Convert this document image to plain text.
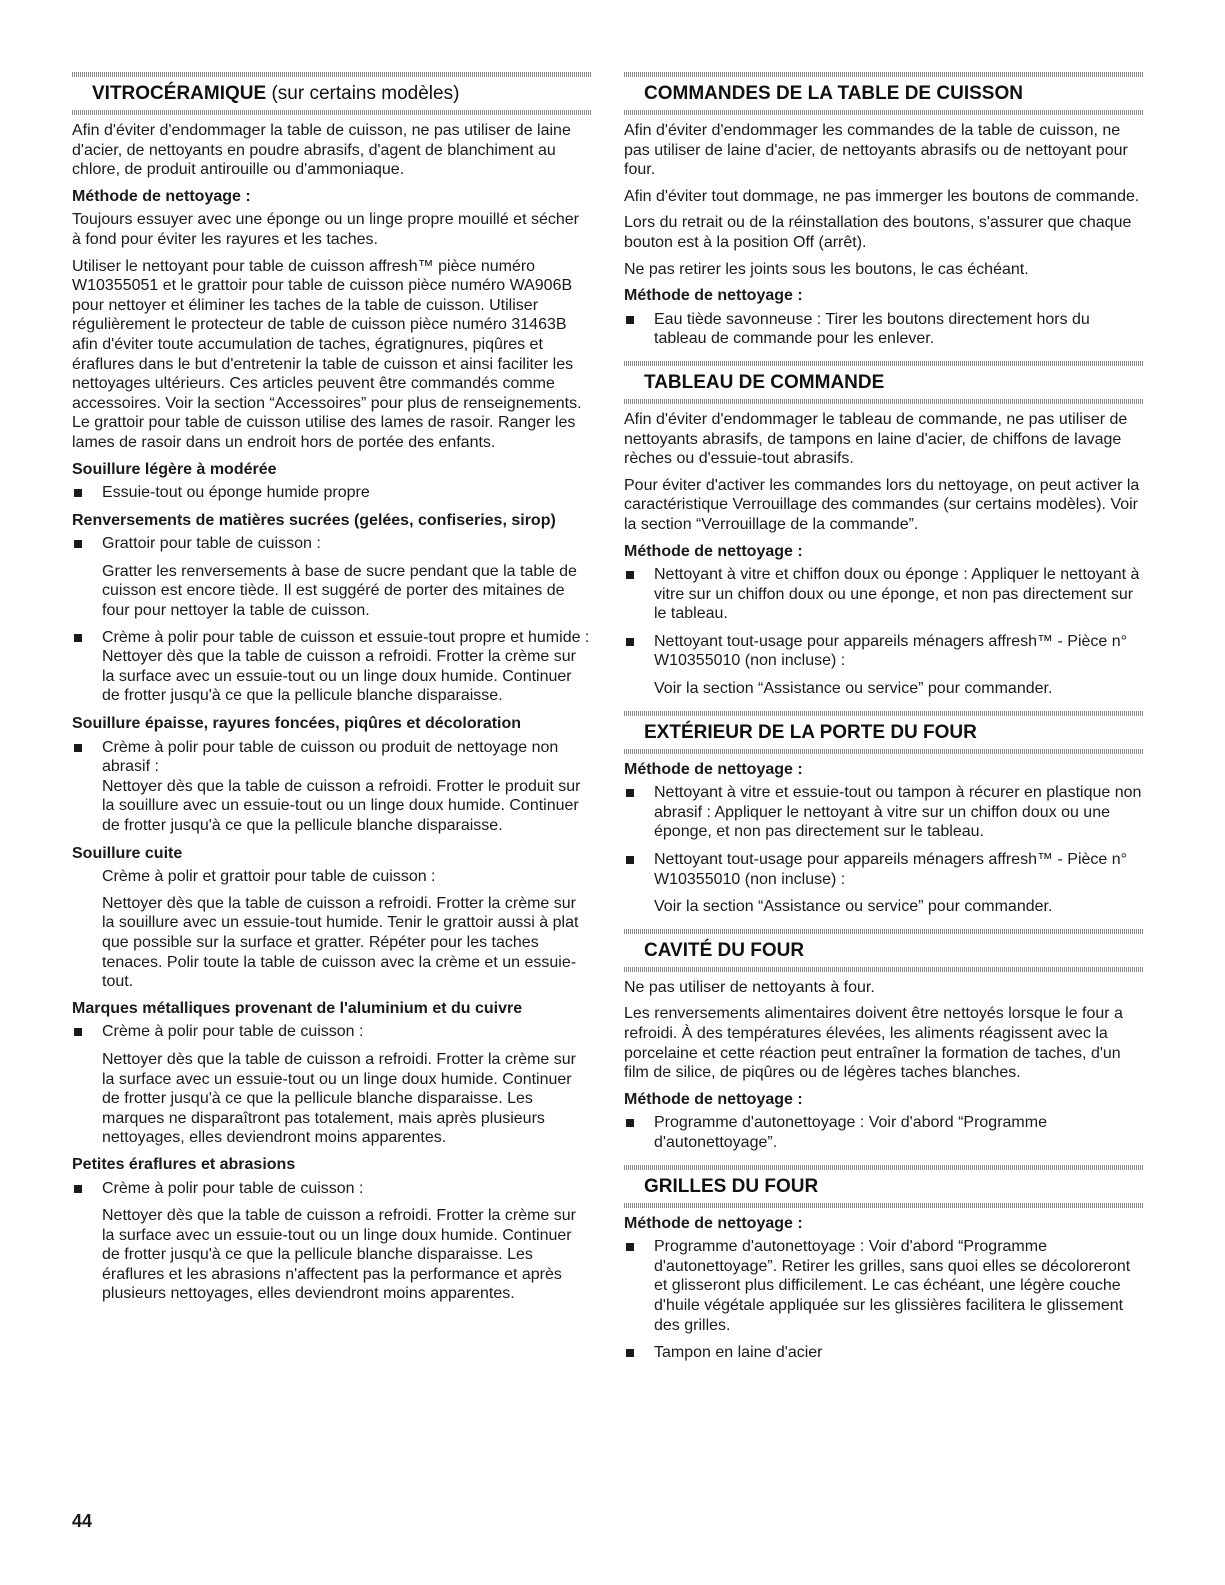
VITROCÉRAMIQUE (sur certains modèles)

Afin d'éviter d'endommager la table de cuisson, ne pas utiliser de laine d'acier, de nettoyants en poudre abrasifs, d'agent de blanchiment au chlore, de produit antirouille ou d'ammoniaque.

Méthode de nettoyage :

Toujours essuyer avec une éponge ou un linge propre mouillé et sécher à fond pour éviter les rayures et les taches.

Utiliser le nettoyant pour table de cuisson affresh™ pièce numéro W10355051 et le grattoir pour table de cuisson pièce numéro WA906B pour nettoyer et éliminer les taches de la table de cuisson. Utiliser régulièrement le protecteur de table de cuisson pièce numéro 31463B afin d'éviter toute accumulation de taches, égratignures, piqûres et éraflures dans le but d'entretenir la table de cuisson et ainsi faciliter les nettoyages ultérieurs. Ces articles peuvent être commandés comme accessoires. Voir la section “Accessoires” pour plus de renseignements. Le grattoir pour table de cuisson utilise des lames de rasoir. Ranger les lames de rasoir dans un endroit hors de portée des enfants.

Souillure légère à modérée
Essuie-tout ou éponge humide propre
Renversements de matières sucrées (gelées, confiseries, sirop)
Grattoir pour table de cuisson :

Gratter les renversements à base de sucre pendant que la table de cuisson est encore tiède. Il est suggéré de porter des mitaines de four pour nettoyer la table de cuisson.

Crème à polir pour table de cuisson et essuie-tout propre et humide : Nettoyer dès que la table de cuisson a refroidi. Frotter la crème sur la surface avec un essuie-tout ou un linge doux humide. Continuer de frotter jusqu'à ce que la pellicule blanche disparaisse.
Souillure épaisse, rayures foncées, piqûres et décoloration
Crème à polir pour table de cuisson ou produit de nettoyage non abrasif :
Nettoyer dès que la table de cuisson a refroidi. Frotter le produit sur la souillure avec un essuie-tout ou un linge doux humide. Continuer de frotter jusqu'à ce que la pellicule blanche disparaisse.
Souillure cuite

Crème à polir et grattoir pour table de cuisson :

Nettoyer dès que la table de cuisson a refroidi. Frotter la crème sur la souillure avec un essuie-tout humide. Tenir le grattoir aussi à plat que possible sur la surface et gratter. Répéter pour les taches tenaces. Polir toute la table de cuisson avec la crème et un essuie-tout.

Marques métalliques provenant de l'aluminium et du cuivre
Crème à polir pour table de cuisson :

Nettoyer dès que la table de cuisson a refroidi. Frotter la crème sur la surface avec un essuie-tout ou un linge doux humide. Continuer de frotter jusqu'à ce que la pellicule blanche disparaisse. Les marques ne disparaîtront pas totalement, mais après plusieurs nettoyages, elles deviendront moins apparentes.

Petites éraflures et abrasions
Crème à polir pour table de cuisson :

Nettoyer dès que la table de cuisson a refroidi. Frotter la crème sur la surface avec un essuie-tout ou un linge doux humide. Continuer de frotter jusqu'à ce que la pellicule blanche disparaisse. Les éraflures et les abrasions n'affectent pas la performance et après plusieurs nettoyages, elles deviendront moins apparentes.

COMMANDES DE LA TABLE DE CUISSON

Afin d'éviter d'endommager les commandes de la table de cuisson, ne pas utiliser de laine d'acier, de nettoyants abrasifs ou de nettoyant pour four.

Afin d'éviter tout dommage, ne pas immerger les boutons de commande.

Lors du retrait ou de la réinstallation des boutons, s'assurer que chaque bouton est à la position Off (arrêt).

Ne pas retirer les joints sous les boutons, le cas échéant.

Méthode de nettoyage :
Eau tiède savonneuse : Tirer les boutons directement hors du tableau de commande pour les enlever.
TABLEAU DE COMMANDE

Afin d'éviter d'endommager le tableau de commande, ne pas utiliser de nettoyants abrasifs, de tampons en laine d'acier, de chiffons de lavage rèches ou d'essuie-tout abrasifs.

Pour éviter d'activer les commandes lors du nettoyage, on peut activer la caractéristique Verrouillage des commandes (sur certains modèles). Voir la section “Verrouillage de la commande”.

Méthode de nettoyage :
Nettoyant à vitre et chiffon doux ou éponge : Appliquer le nettoyant à vitre sur un chiffon doux ou une éponge, et non pas directement sur le tableau.
Nettoyant tout-usage pour appareils ménagers affresh™ - Pièce n° W10355010 (non incluse) :

Voir la section “Assistance ou service” pour commander.

EXTÉRIEUR DE LA PORTE DU FOUR
Méthode de nettoyage :
Nettoyant à vitre et essuie-tout ou tampon à récurer en plastique non abrasif : Appliquer le nettoyant à vitre sur un chiffon doux ou une éponge, et non pas directement sur le tableau.
Nettoyant tout-usage pour appareils ménagers affresh™ - Pièce n° W10355010 (non incluse) :

Voir la section “Assistance ou service” pour commander.

CAVITÉ DU FOUR

Ne pas utiliser de nettoyants à four.

Les renversements alimentaires doivent être nettoyés lorsque le four a refroidi. À des températures élevées, les aliments réagissent avec la porcelaine et cette réaction peut entraîner la formation de taches, d'un film de silice, de piqûres ou de légères taches blanches.

Méthode de nettoyage :
Programme d'autonettoyage : Voir d'abord “Programme d'autonettoyage”.
GRILLES DU FOUR
Méthode de nettoyage :
Programme d'autonettoyage : Voir d'abord “Programme d'autonettoyage”. Retirer les grilles, sans quoi elles se décoloreront et glisseront plus difficilement. Le cas échéant, une légère couche d'huile végétale appliquée sur les glissières facilitera le glissement des grilles.
Tampon en laine d'acier

44
